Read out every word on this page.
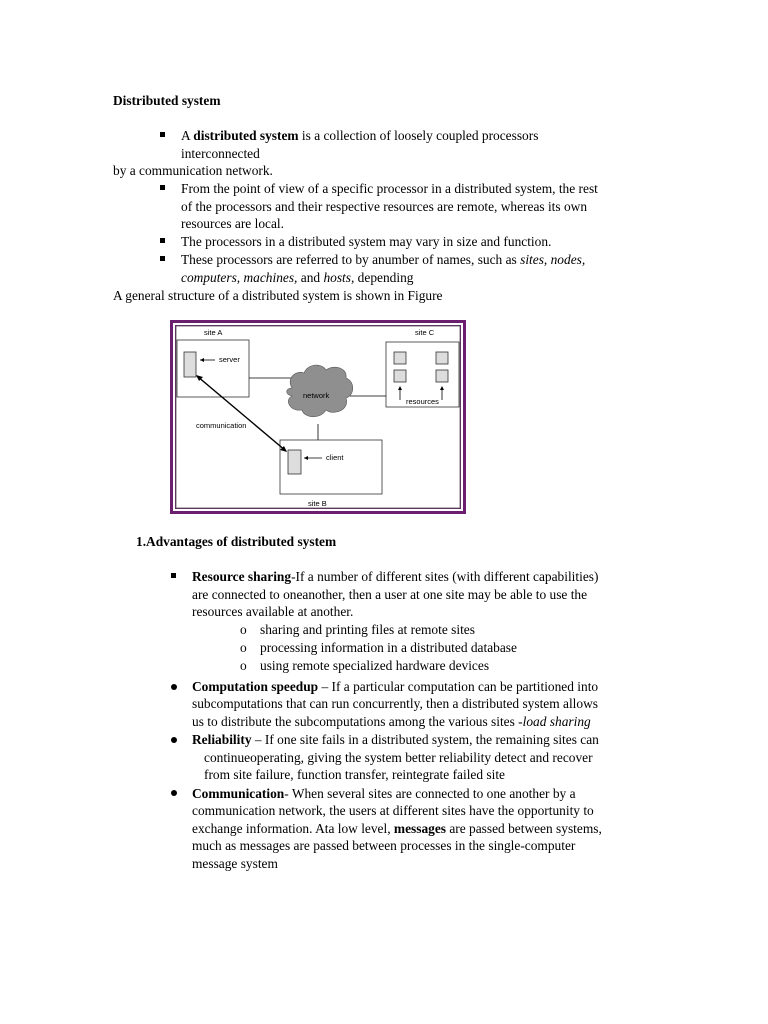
Distributed system
A distributed system is a collection of loosely coupled processors
interconnected
by a communication network.
From the point of view of a specific processor in a distributed system, the rest
of the processors and their respective resources are remote, whereas its own
resources are local.
The processors in a distributed system may vary in size and function.
These processors are referred to by anumber of names, such as sites, nodes,
computers, machines, and hosts, depending
A general structure of a distributed system is shown in Figure
site A
server
site C
resources
network
site B
client
communication
1.Advantages of distributed system
Resource sharing-If a number of different sites (with different capabilities)
are connected to oneanother, then a user at one site may be able to use the
resources available at another.
o sharing and printing files at remote sites
o processing information in a distributed database
o using remote specialized hardware devices
Computation speedup – If a particular computation can be partitioned into
subcomputations that can run concurrently, then a distributed system allows
us to distribute the subcomputations among the various sites -load sharing
Reliability – If one site fails in a distributed system, the remaining sites can
continueoperating, giving the system better reliability detect and recover
from site failure, function transfer, reintegrate failed site
Communication- When several sites are connected to one another by a
communication network, the users at different sites have the opportunity to
exchange information. Ata low level, messages are passed between systems,
much as messages are passed between processes in the single-computer
message system
